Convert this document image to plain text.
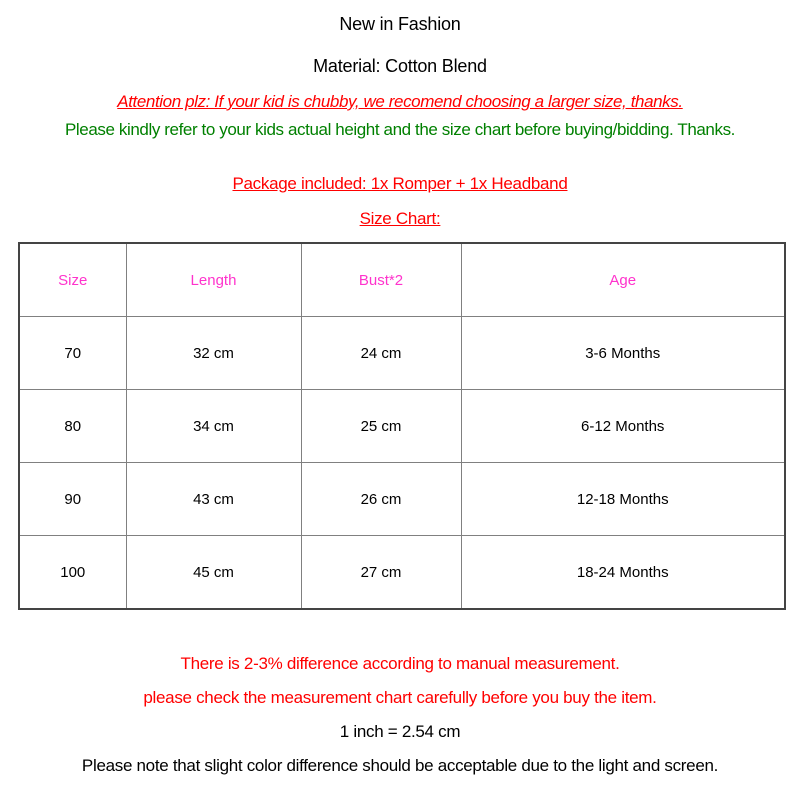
New in Fashion
Material: Cotton Blend
Attention plz: If your kid is chubby, we recomend choosing a larger size, thanks.
Please kindly refer to your kids actual height and the size chart before buying/bidding. Thanks.
Package included: 1x Romper + 1x Headband
Size Chart:
Size	Length	Bust*2	Age
70	32 cm	24 cm	3-6 Months
80	34 cm	25 cm	6-12 Months
90	43 cm	26 cm	12-18 Months
100	45 cm	27 cm	18-24 Months
There is 2-3% difference according to manual measurement.
please check the measurement chart carefully before you buy the item.
1 inch = 2.54 cm
Please note that slight color difference should be acceptable due to the light and screen.
